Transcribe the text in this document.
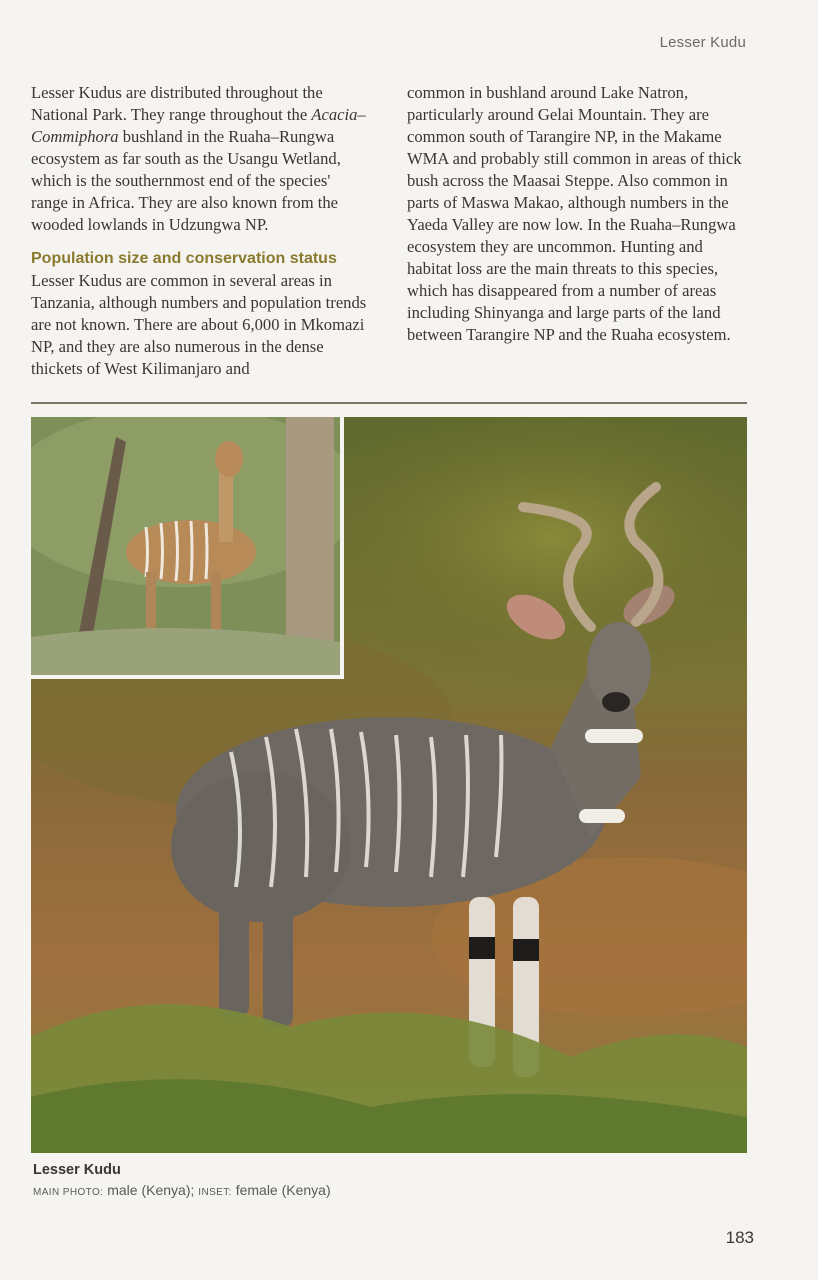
Lesser Kudu

Lesser Kudus are distributed throughout the National Park. They range throughout the Acacia–Commiphora bushland in the Ruaha–Rungwa ecosystem as far south as the Usangu Wetland, which is the southernmost end of the species' range in Africa. They are also known from the wooded lowlands in Udzungwa NP.

Population size and conservation status

Lesser Kudus are common in several areas in Tanzania, although numbers and population trends are not known. There are about 6,000 in Mkomazi NP, and they are also numerous in the dense thickets of West Kilimanjaro and

common in bushland around Lake Natron, particularly around Gelai Mountain. They are common south of Tarangire NP, in the Makame WMA and probably still common in areas of thick bush across the Maasai Steppe. Also common in parts of Maswa Makao, although numbers in the Yaeda Valley are now low. In the Ruaha–Rungwa ecosystem they are uncommon. Hunting and habitat loss are the main threats to this species, which has disappeared from a number of areas including Shinyanga and large parts of the land between Tarangire NP and the Ruaha ecosystem.

Lesser Kudu
MAIN PHOTO: male (Kenya); INSET: female (Kenya)
183
